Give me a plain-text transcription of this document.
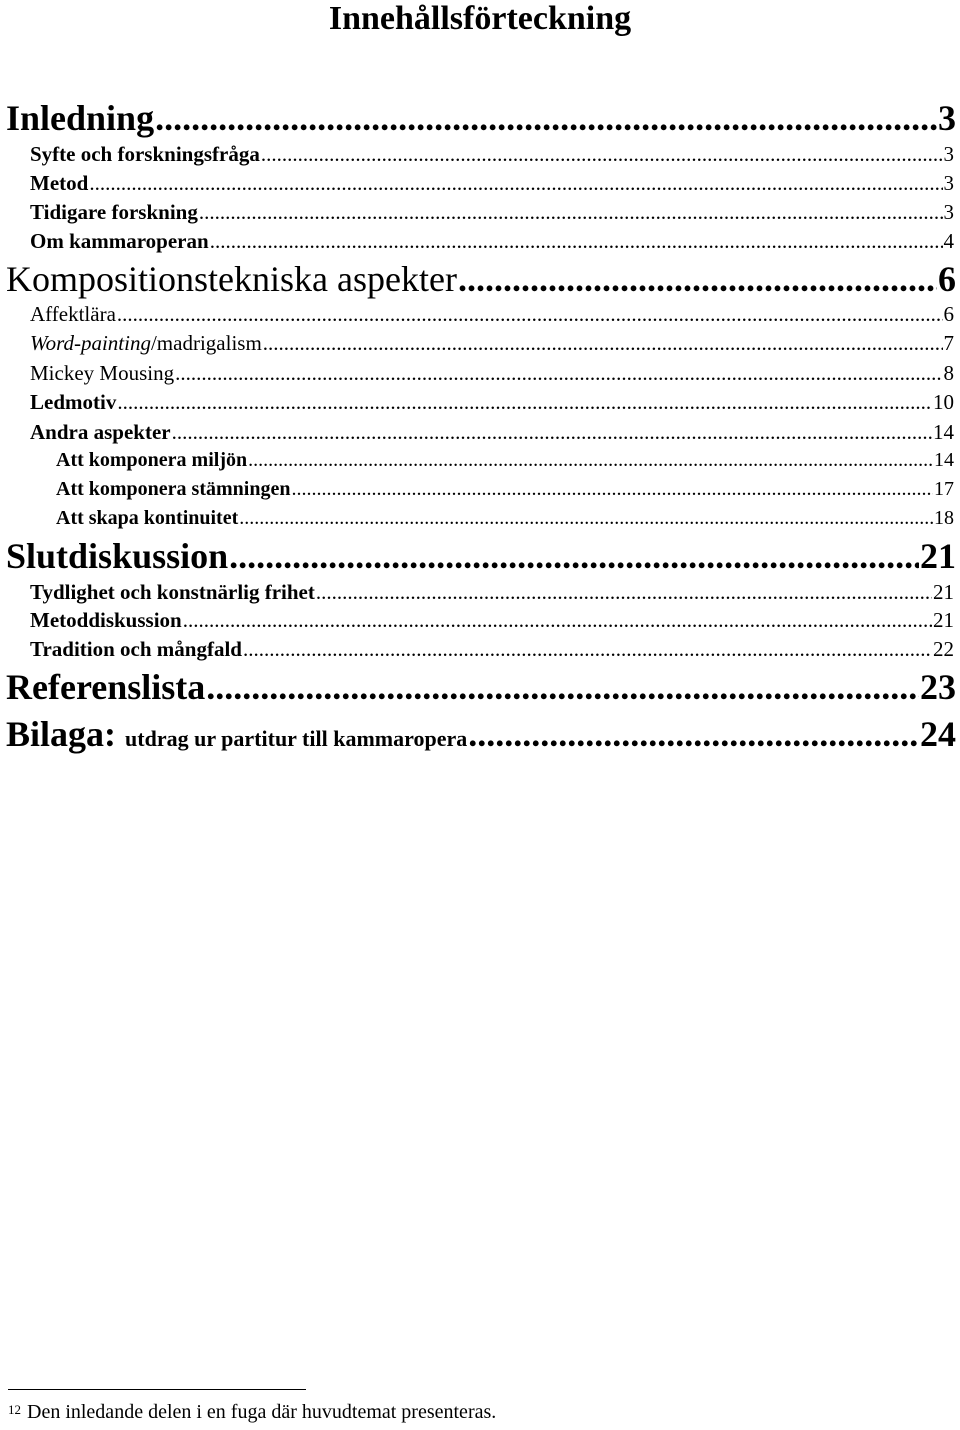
Innehållsförteckning
Inledning .....	3
Syfte och forskningsfråga .....	3
Metod .....	3
Tidigare forskning .....	3
Om kammaroperan .....	4
Kompositionstekniska aspekter .....	6
Affektlära .....	6
Word-painting/madrigalism .....	7
Mickey Mousing .....	8
Ledmotiv .....	10
Andra aspekter .....	14
Att komponera miljön .....	14
Att komponera stämningen .....	17
Att skapa kontinuitet .....	18
Slutdiskussion .....	21
Tydlighet och konstnärlig frihet .....	21
Metoddiskussion .....	21
Tradition och mångfald .....	22
Referenslista .....	23
Bilaga: utdrag ur partitur till kammaropera .....	24
$^{12}$ Den inledande delen i en fuga där huvudtemat presenteras.
